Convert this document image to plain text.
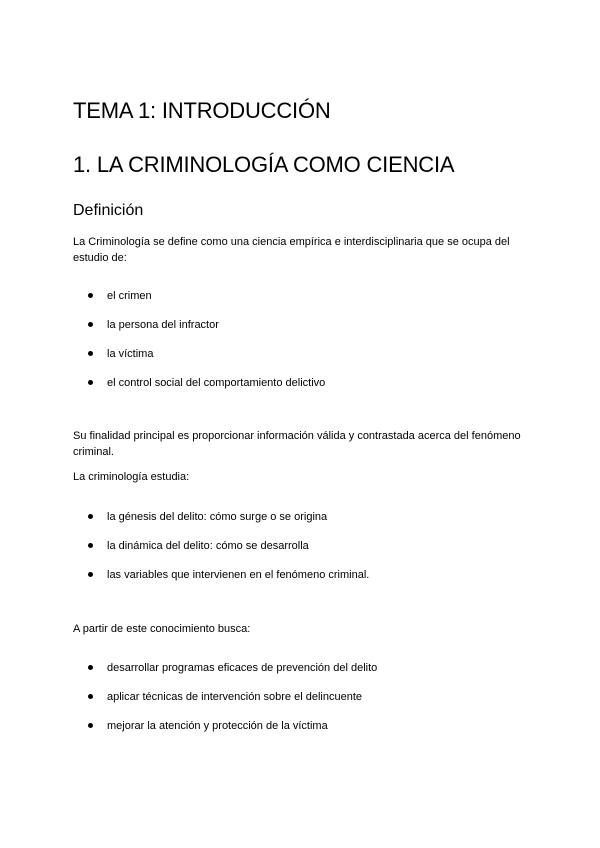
TEMA 1: INTRODUCCIÓN
1. LA CRIMINOLOGÍA COMO CIENCIA
Definición

La Criminología se define como una ciencia empírica e interdisciplinaria que se ocupa del estudio de:

el crimen
la persona del infractor
la víctima
el control social del comportamiento delictivo

Su finalidad principal es proporcionar información válida y contrastada acerca del fenómeno criminal.

La criminología estudia:

la génesis del delito: cómo surge o se origina
la dinámica del delito: cómo se desarrolla
las variables que intervienen en el fenómeno criminal.

A partir de este conocimiento busca:

desarrollar programas eficaces de prevención del delito
aplicar técnicas de intervención sobre el delincuente
mejorar la atención y protección de la víctima
